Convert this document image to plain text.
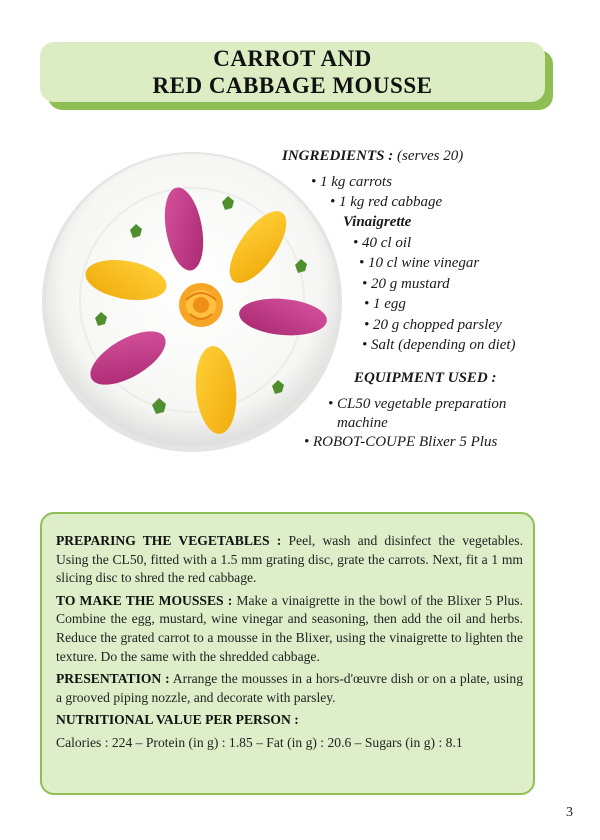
CARROT AND
RED CABBAGE MOUSSE
INGREDIENTS : (serves 20)
• 1 kg carrots
• 1 kg red cabbage
Vinaigrette
• 40 cl oil
• 10 cl wine vinegar
• 20 g mustard
• 1 egg
• 20 g chopped parsley
• Salt (depending on diet)
EQUIPMENT USED :
• CL50 vegetable preparation
machine
• ROBOT-COUPE Blixer 5 Plus

PREPARING THE VEGETABLES : Peel, wash and disinfect the vegetables. Using the CL50, fitted with a 1.5 mm grating disc, grate the carrots. Next, fit a 1 mm slicing disc to shred the red cabbage.

TO MAKE THE MOUSSES : Make a vinaigrette in the bowl of the Blixer 5 Plus. Combine the egg, mustard, wine vinegar and seasoning, then add the oil and herbs. Reduce the grated carrot to a mousse in the Blixer, using the vinaigrette to lighten the texture. Do the same with the shredded cabbage.

PRESENTATION : Arrange the mousses in a hors-d'œuvre dish or on a plate, using a grooved piping nozzle, and decorate with parsley.

NUTRITIONAL VALUE PER PERSON :

Calories : 224 – Protein (in g) : 1.85 – Fat (in g) : 20.6 – Sugars (in g) : 8.1

3
